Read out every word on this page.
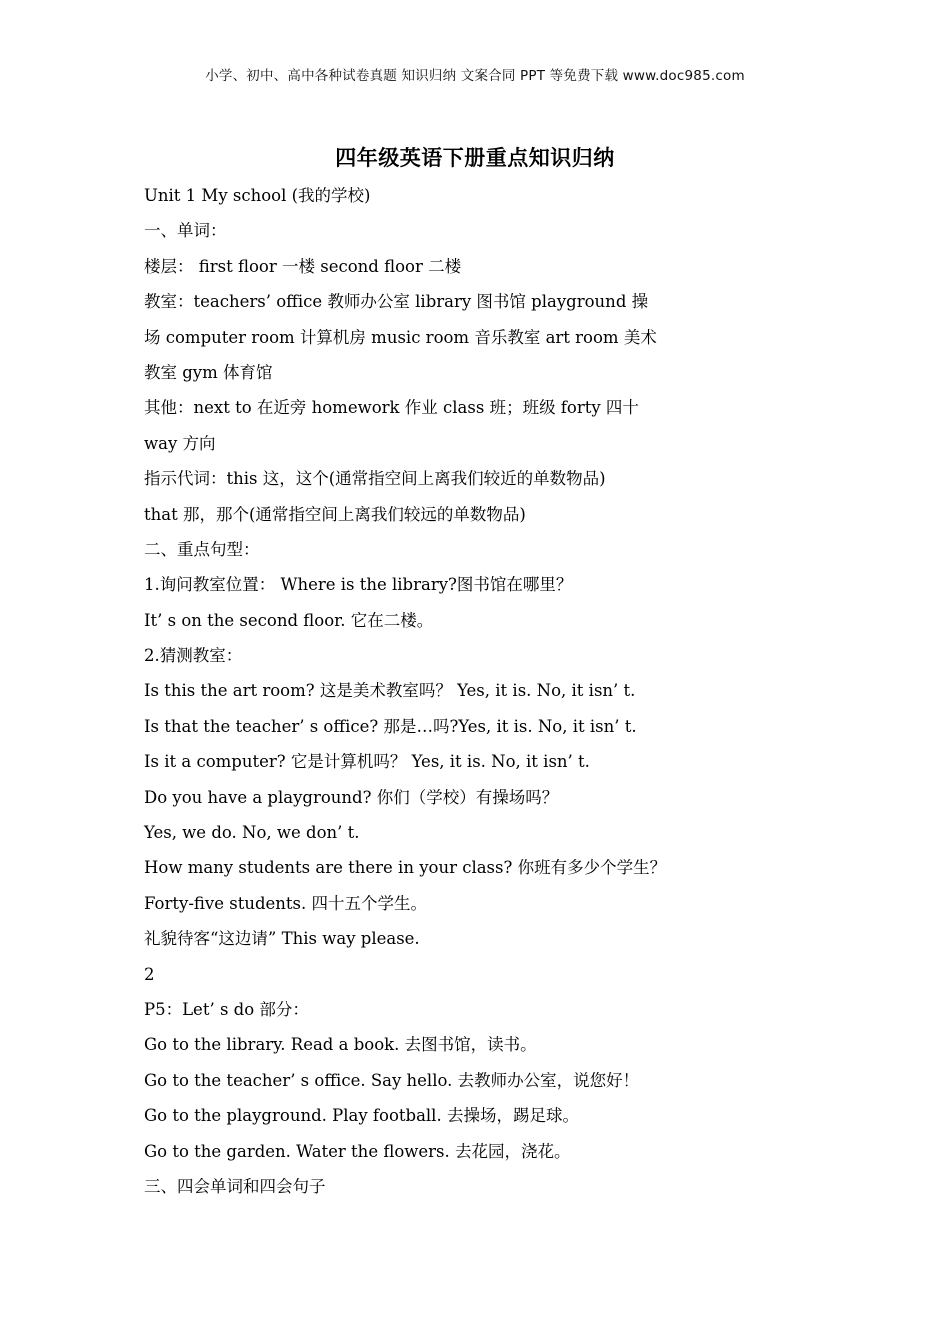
小学、初中、高中各种试卷真题 知识归纳 文案合同 PPT 等免费下载 www.doc985.com
四年级英语下册重点知识归纳
Unit 1 My school (我的学校)
一、单词：
楼层： first floor 一楼 second floor 二楼
教室：teachers’ office 教师办公室 library 图书馆 playground 操
场 computer room 计算机房 music room 音乐教室 art room 美术
教室 gym 体育馆
其他：next to 在近旁 homework 作业 class 班；班级 forty 四十
way 方向
指示代词：this 这，这个(通常指空间上离我们较近的单数物品)
that 那，那个(通常指空间上离我们较远的单数物品)
二、重点句型：
1.询问教室位置： Where is the library?图书馆在哪里？
It’ s on the second floor. 它在二楼。
2.猜测教室：
Is this the art room? 这是美术教室吗？ Yes, it is. No, it isn’ t.
Is that the teacher’ s office? 那是…吗?Yes, it is. No, it isn’ t.
Is it a computer? 它是计算机吗？ Yes, it is. No, it isn’ t.
Do you have a playground? 你们（学校）有操场吗？
Yes, we do. No, we don’ t.
How many students are there in your class? 你班有多少个学生？
Forty-five students. 四十五个学生。
礼貌待客“这边请” This way please.
2
P5：Let’ s do 部分：
Go to the library. Read a book. 去图书馆，读书。
Go to the teacher’ s office. Say hello. 去教师办公室，说您好！
Go to the playground. Play football. 去操场，踢足球。
Go to the garden. Water the flowers. 去花园，浇花。
三、四会单词和四会句子
